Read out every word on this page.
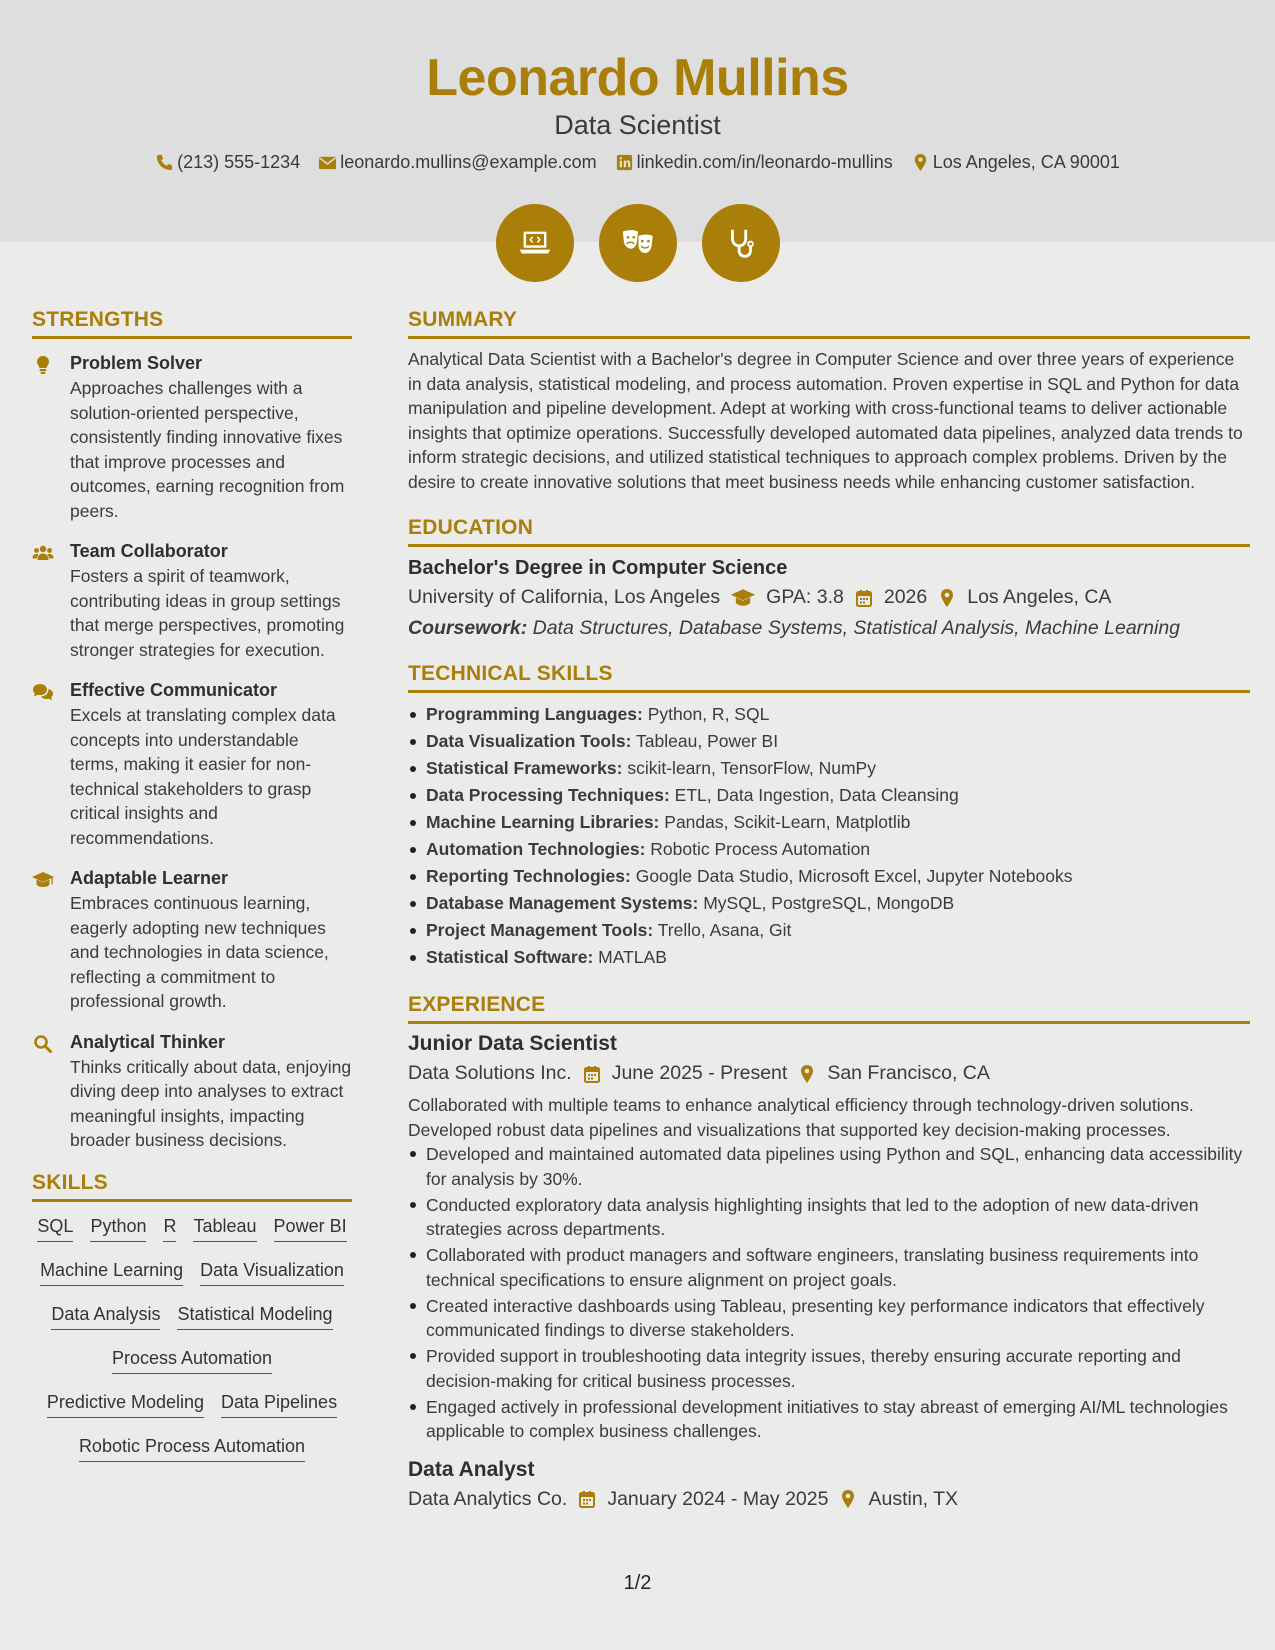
Leonardo Mullins
Data Scientist
(213) 555-1234 leonardo.mullins@example.com linkedin.com/in/leonardo-mullins Los Angeles, CA 90001
STRENGTHS
Problem Solver

Approaches challenges with a solution-oriented perspective, consistently finding innovative fixes that improve processes and outcomes, earning recognition from peers.

Team Collaborator

Fosters a spirit of teamwork, contributing ideas in group settings that merge perspectives, promoting stronger strategies for execution.

Effective Communicator

Excels at translating complex data concepts into understandable terms, making it easier for non-technical stakeholders to grasp critical insights and recommendations.

Adaptable Learner

Embraces continuous learning, eagerly adopting new techniques and technologies in data science, reflecting a commitment to professional growth.

Analytical Thinker

Thinks critically about data, enjoying diving deep into analyses to extract meaningful insights, impacting broader business decisions.

SKILLS
SQL Python R Tableau Power BI
Machine Learning Data Visualization
Data Analysis Statistical Modeling
Process Automation
Predictive Modeling Data Pipelines
Robotic Process Automation
SUMMARY

Analytical Data Scientist with a Bachelor's degree in Computer Science and over three years of experience in data analysis, statistical modeling, and process automation. Proven expertise in SQL and Python for data manipulation and pipeline development. Adept at working with cross-functional teams to deliver actionable insights that optimize operations. Successfully developed automated data pipelines, analyzed data trends to inform strategic decisions, and utilized statistical techniques to approach complex problems. Driven by the desire to create innovative solutions that meet business needs while enhancing customer satisfaction.

EDUCATION
Bachelor's Degree in Computer Science
University of California, Los Angeles GPA: 3.8 2026 Los Angeles, CA
Coursework: Data Structures, Database Systems, Statistical Analysis, Machine Learning
TECHNICAL SKILLS
Programming Languages: Python, R, SQL
Data Visualization Tools: Tableau, Power BI
Statistical Frameworks: scikit-learn, TensorFlow, NumPy
Data Processing Techniques: ETL, Data Ingestion, Data Cleansing
Machine Learning Libraries: Pandas, Scikit-Learn, Matplotlib
Automation Technologies: Robotic Process Automation
Reporting Technologies: Google Data Studio, Microsoft Excel, Jupyter Notebooks
Database Management Systems: MySQL, PostgreSQL, MongoDB
Project Management Tools: Trello, Asana, Git
Statistical Software: MATLAB
EXPERIENCE
Junior Data Scientist
Data Solutions Inc. June 2025 - Present San Francisco, CA

Collaborated with multiple teams to enhance analytical efficiency through technology-driven solutions. Developed robust data pipelines and visualizations that supported key decision-making processes.

Developed and maintained automated data pipelines using Python and SQL, enhancing data accessibility for analysis by 30%.
Conducted exploratory data analysis highlighting insights that led to the adoption of new data-driven strategies across departments.
Collaborated with product managers and software engineers, translating business requirements into technical specifications to ensure alignment on project goals.
Created interactive dashboards using Tableau, presenting key performance indicators that effectively communicated findings to diverse stakeholders.
Provided support in troubleshooting data integrity issues, thereby ensuring accurate reporting and decision-making for critical business processes.
Engaged actively in professional development initiatives to stay abreast of emerging AI/ML technologies applicable to complex business challenges.
Data Analyst
Data Analytics Co. January 2024 - May 2025 Austin, TX
1/2
